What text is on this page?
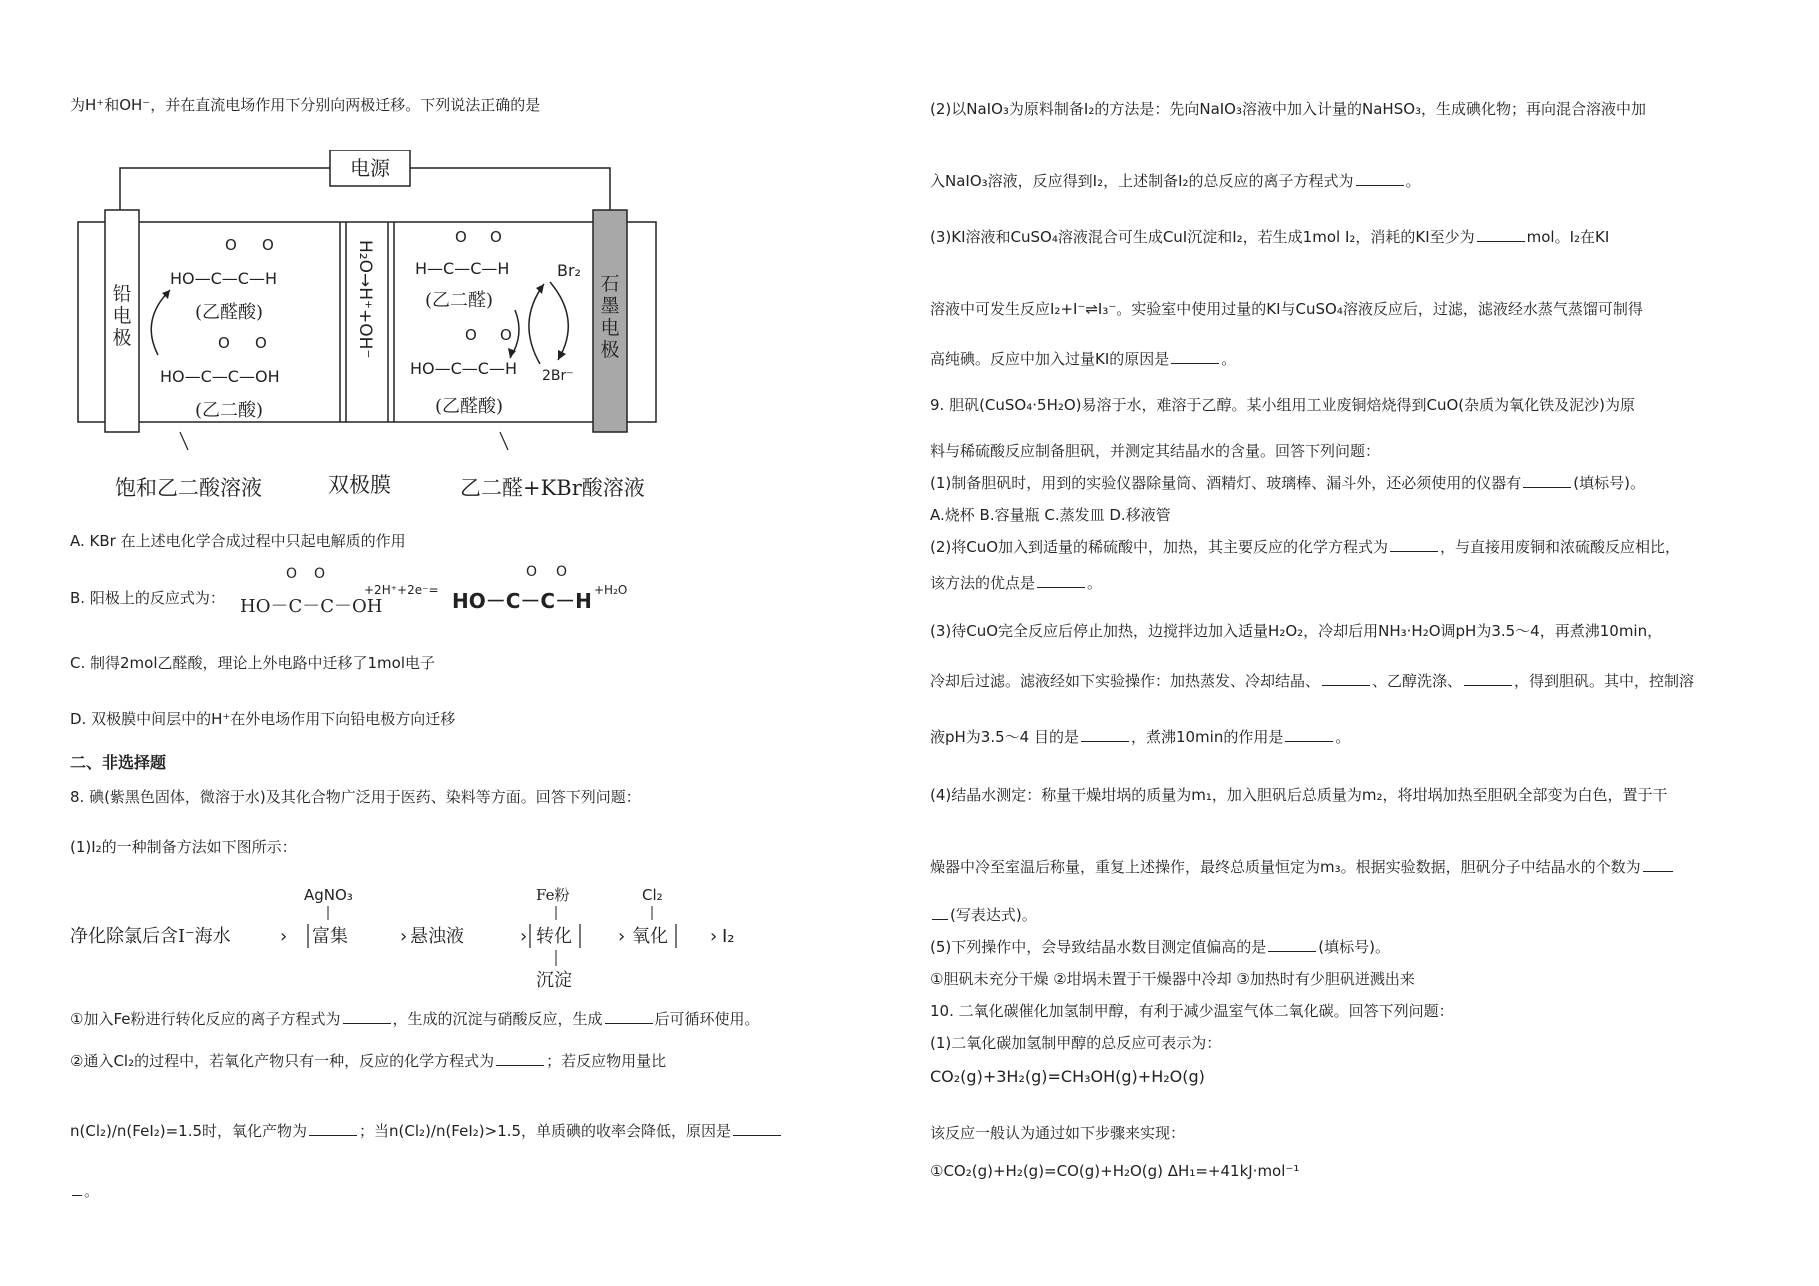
为H⁺和OH⁻，并在直流电场作用下分别向两极迁移。下列说法正确的是
电源
铅
电
极
石
墨
电
极
H₂O→H⁺+OH⁻
O O
HO—C—C—H
(乙醛酸)
O O
HO—C—C—OH
(乙二酸)
O O
H—C—C—H
(乙二醛)
O O
HO—C—C—H
(乙醛酸)
Br₂
2Br⁻
饱和乙二酸溶液	双极膜	乙二醛+KBr酸溶液
A. KBr 在上述电化学合成过程中只起电解质的作用
B. 阳极上的反应式为：
O O
HO－C－C－OH
+2H⁺+2e⁻=
O O
HO－C－C－H +H₂O
C. 制得2mol乙醛酸，理论上外电路中迁移了1mol电子
D. 双极膜中间层中的H⁺在外电场作用下向铅电极方向迁移
二、非选择题
8. 碘(紫黑色固体，微溶于水)及其化合物广泛用于医药、染料等方面。回答下列问题：
(1)I₂的一种制备方法如下图所示：
净化除氯后含I⁻海水
AgNO₃
› 富集	› 悬浊液
Fe粉
› 转化
沉淀
Cl₂
› 氧化 › I₂
①加入Fe粉进行转化反应的离子方程式为	，生成的沉淀与硝酸反应，生成	后可循环使用。
②通入Cl₂的过程中，若氧化产物只有一种，反应的化学方程式为	；若反应物用量比
n(Cl₂)/n(FeI₂)=1.5时，氧化产物为	；当n(Cl₂)/n(FeI₂)>1.5，单质碘的收率会降低，原因是
。
(2)以NaIO₃为原料制备I₂的方法是：先向NaIO₃溶液中加入计量的NaHSO₃，生成碘化物；再向混合溶液中加
入NaIO₃溶液，反应得到I₂，上述制备I₂的总反应的离子方程式为	。
(3)KI溶液和CuSO₄溶液混合可生成CuI沉淀和I₂，若生成1mol I₂，消耗的KI至少为	mol。I₂在KI
溶液中可发生反应I₂+I⁻⇌I₃⁻。实验室中使用过量的KI与CuSO₄溶液反应后，过滤，滤液经水蒸气蒸馏可制得
高纯碘。反应中加入过量KI的原因是	。
9. 胆矾(CuSO₄·5H₂O)易溶于水，难溶于乙醇。某小组用工业废铜焙烧得到CuO(杂质为氧化铁及泥沙)为原
料与稀硫酸反应制备胆矾，并测定其结晶水的含量。回答下列问题：
(1)制备胆矾时，用到的实验仪器除量筒、酒精灯、玻璃棒、漏斗外，还必须使用的仪器有	(填标号)。
A.烧杯 B.容量瓶 C.蒸发皿 D.移液管
(2)将CuO加入到适量的稀硫酸中，加热，其主要反应的化学方程式为	，与直接用废铜和浓硫酸反应相比，
该方法的优点是	。
(3)待CuO完全反应后停止加热，边搅拌边加入适量H₂O₂，冷却后用NH₃·H₂O调pH为3.5～4，再煮沸10min，
冷却后过滤。滤液经如下实验操作：加热蒸发、冷却结晶、	、乙醇洗涤、	，得到胆矾。其中，控制溶
液pH为3.5～4 目的是	，煮沸10min的作用是	。
(4)结晶水测定：称量干燥坩埚的质量为m₁，加入胆矾后总质量为m₂，将坩埚加热至胆矾全部变为白色，置于干
燥器中冷至室温后称量，重复上述操作，最终总质量恒定为m₃。根据实验数据，胆矾分子中结晶水的个数为
(写表达式)。
(5)下列操作中，会导致结晶水数目测定值偏高的是	(填标号)。
①胆矾未充分干燥 ②坩埚未置于干燥器中冷却 ③加热时有少胆矾迸溅出来
10. 二氧化碳催化加氢制甲醇，有利于减少温室气体二氧化碳。回答下列问题：
(1)二氧化碳加氢制甲醇的总反应可表示为：
CO₂(g)+3H₂(g)=CH₃OH(g)+H₂O(g)
该反应一般认为通过如下步骤来实现：
①CO₂(g)+H₂(g)=CO(g)+H₂O(g) ΔH₁=+41kJ·mol⁻¹
